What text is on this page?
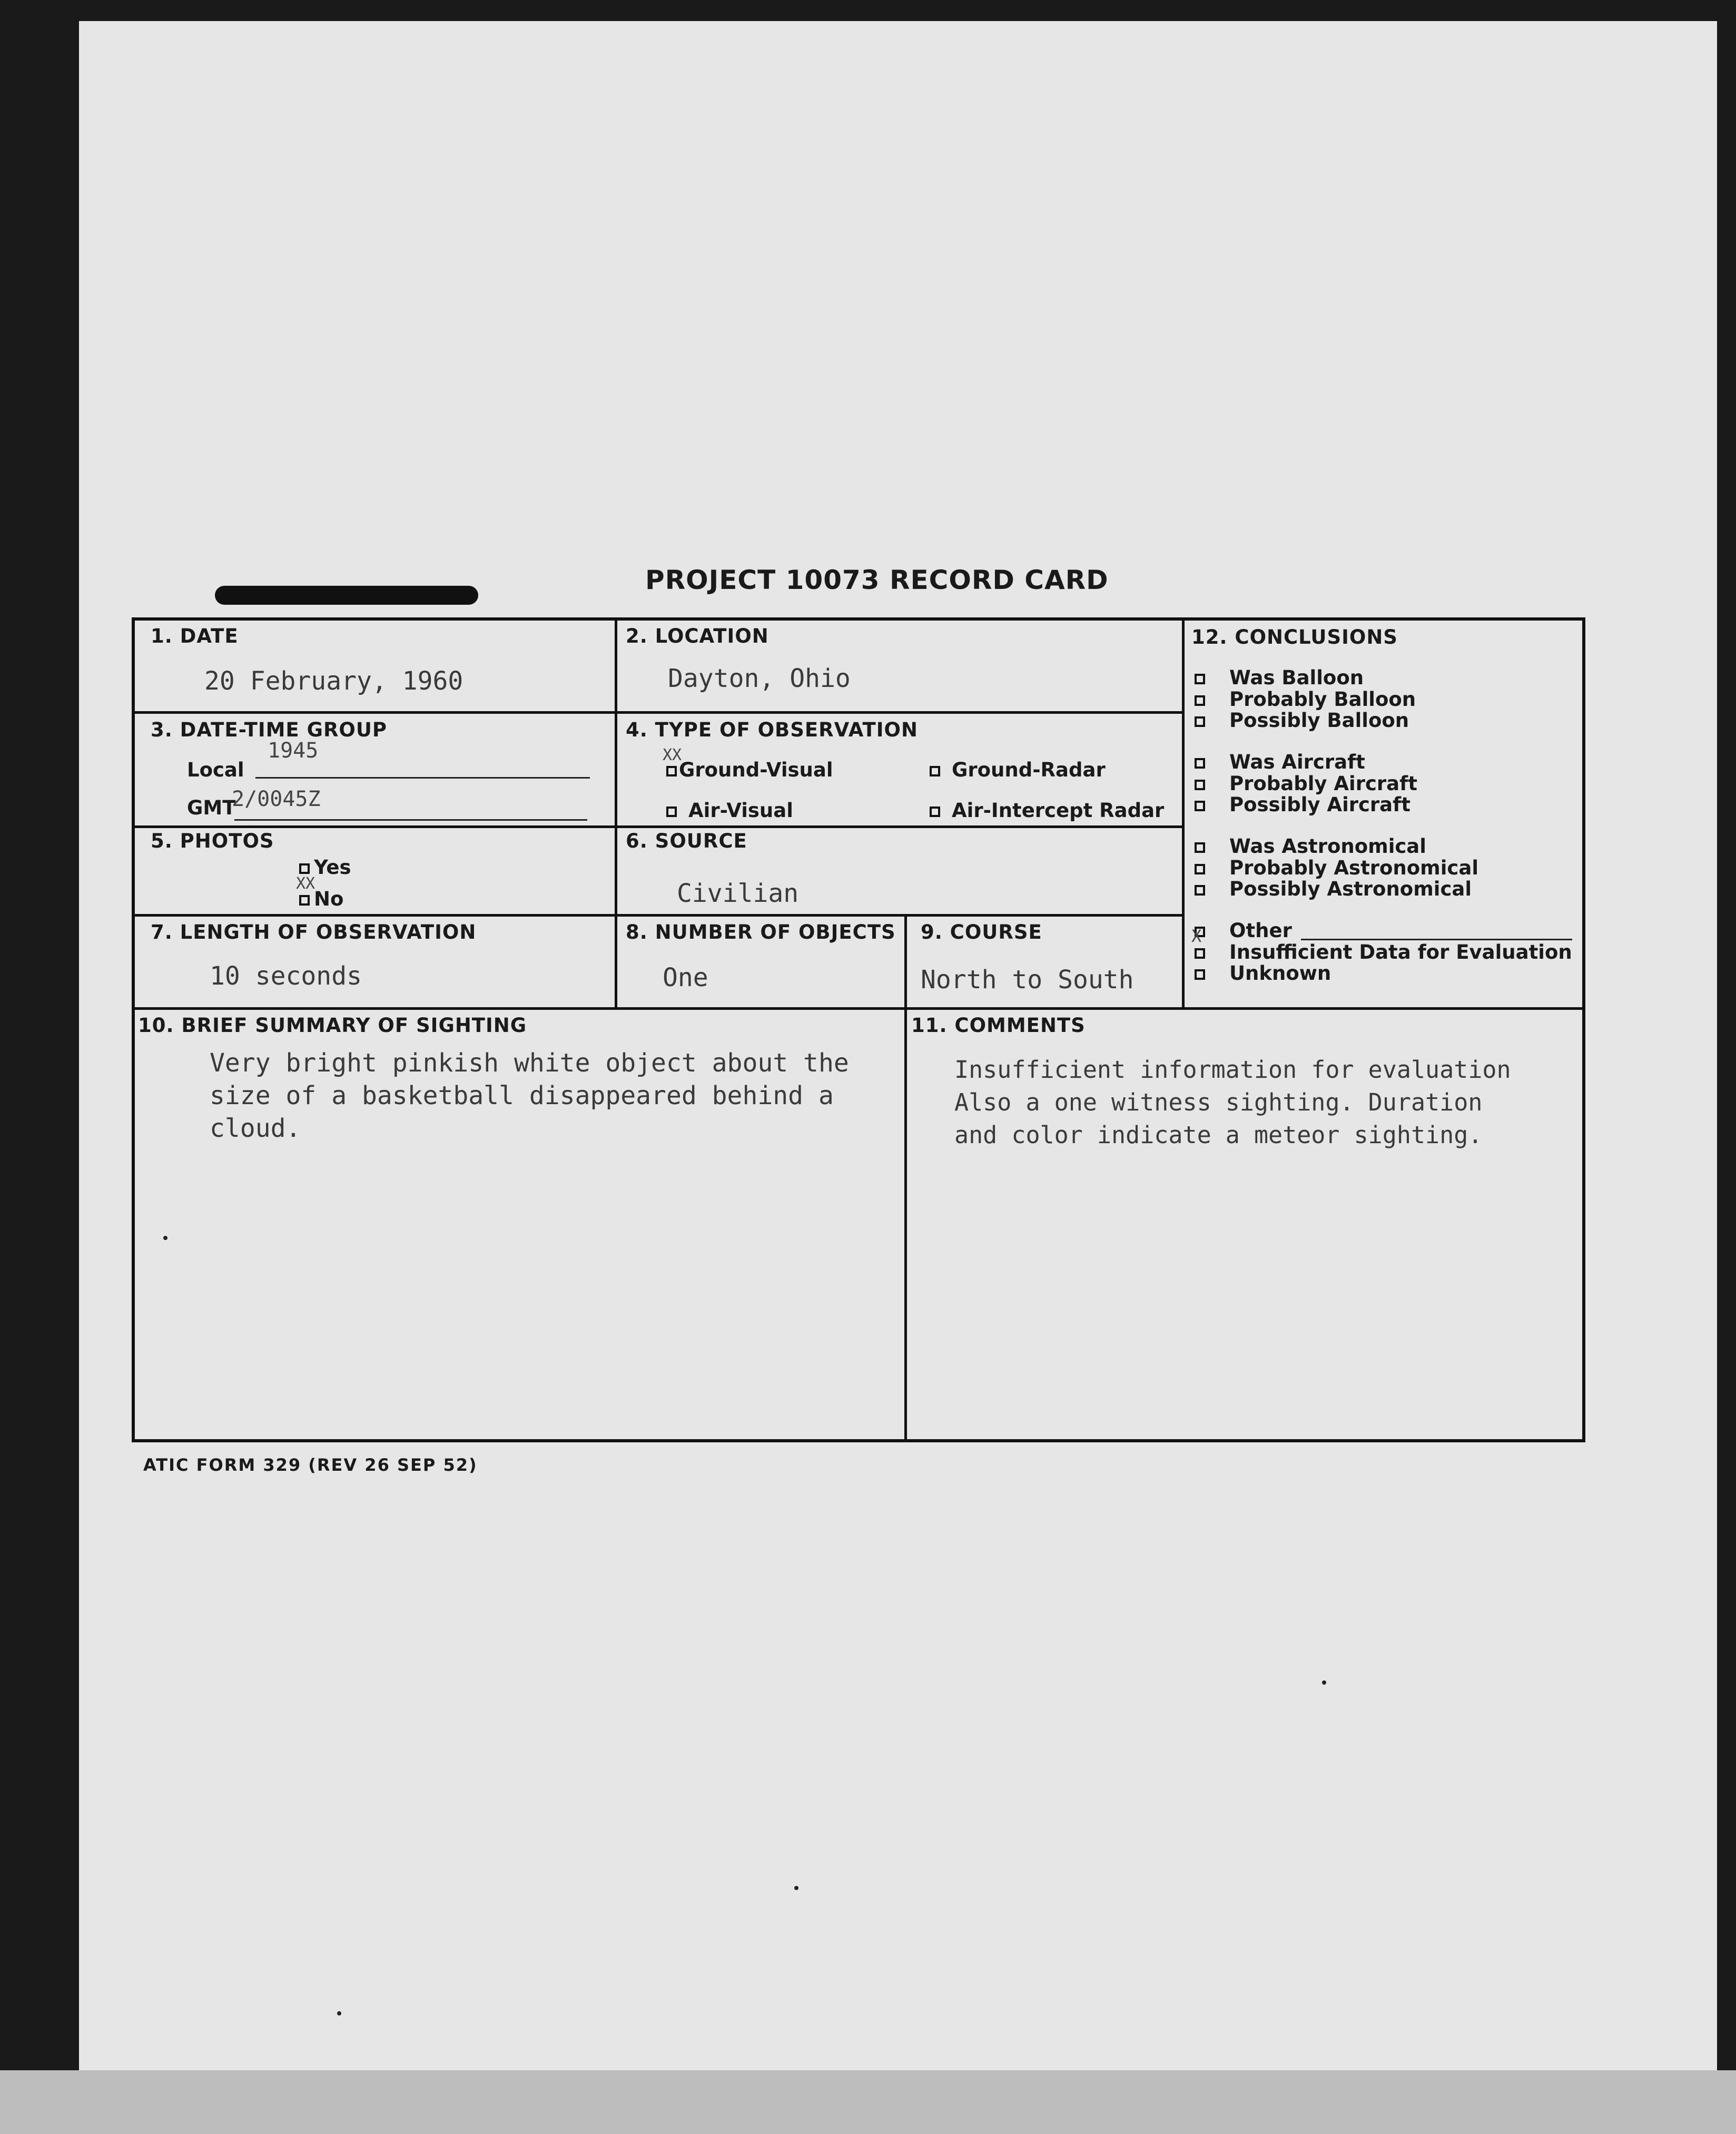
PROJECT 10073 RECORD CARD
1. DATE
20 February, 1960
2. LOCATION
Dayton, Ohio
3. DATE-TIME GROUP
Local
1945
GMT
2/0045Z
4. TYPE OF OBSERVATION
XX
Ground-Visual	Ground-Radar
Air-Visual	Air-Intercept Radar
5. PHOTOS
Yes
XX
No
6. SOURCE
Civilian
7. LENGTH OF OBSERVATION
10 seconds
8. NUMBER OF OBJECTS
One
9. COURSE
North to South
10. BRIEF SUMMARY OF SIGHTING
Very bright pinkish white object about the
size of a basketball disappeared behind a
cloud.
11. COMMENTS
Insufficient information for evaluation
Also a one witness sighting. Duration
and color indicate a meteor sighting.
12. CONCLUSIONS
Was Balloon
Probably Balloon
Possibly Balloon
Was Aircraft
Probably Aircraft
Possibly Aircraft
Was Astronomical
Probably Astronomical
Possibly Astronomical
Other
X
Insufficient Data for Evaluation
Unknown
ATIC FORM 329 (REV 26 SEP 52)
